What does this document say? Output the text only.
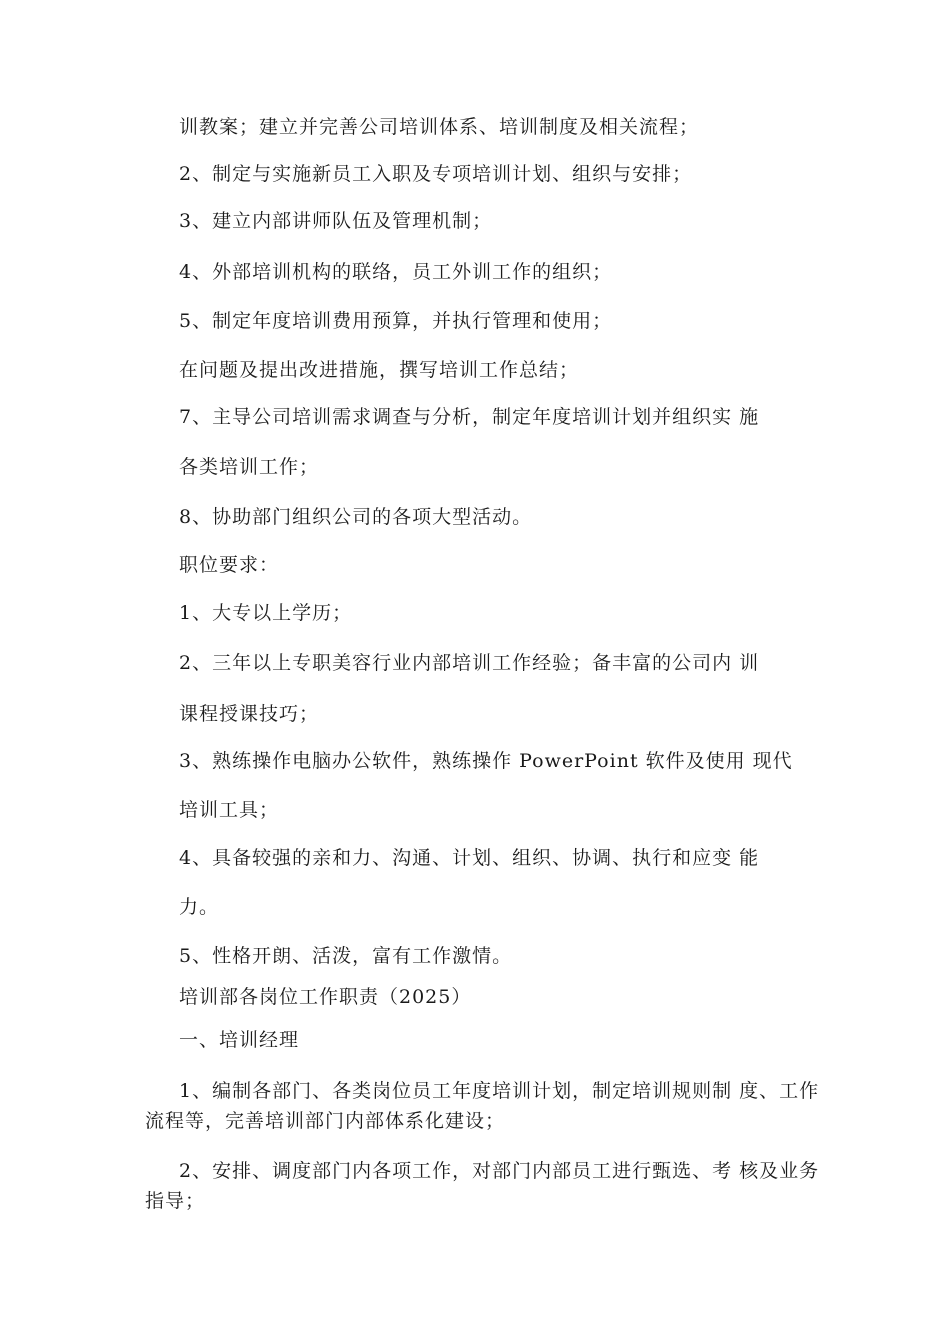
训教案；建立并完善公司培训体系、培训制度及相关流程；
2、制定与实施新员工入职及专项培训计划、组织与安排；
3、建立内部讲师队伍及管理机制；
4、外部培训机构的联络，员工外训工作的组织；
5、制定年度培训费用预算，并执行管理和使用；
在问题及提出改进措施，撰写培训工作总结；
7、主导公司培训需求调查与分析，制定年度培训计划并组织实 施
各类培训工作；
8、协助部门组织公司的各项大型活动。
职位要求：
1、大专以上学历；
2、三年以上专职美容行业内部培训工作经验；备丰富的公司内 训
课程授课技巧；
3、熟练操作电脑办公软件，熟练操作 PowerPoint 软件及使用 现代
培训工具；
4、具备较强的亲和力、沟通、计划、组织、协调、执行和应变 能
力。
5、性格开朗、活泼，富有工作激情。
培训部各岗位工作职责（2025）
一、培训经理

1、编制各部门、各类岗位员工年度培训计划，制定培训规则制 度、工作流程等，完善培训部门内部体系化建设；

2、安排、调度部门内各项工作，对部门内部员工进行甄选、考 核及业务指导；
